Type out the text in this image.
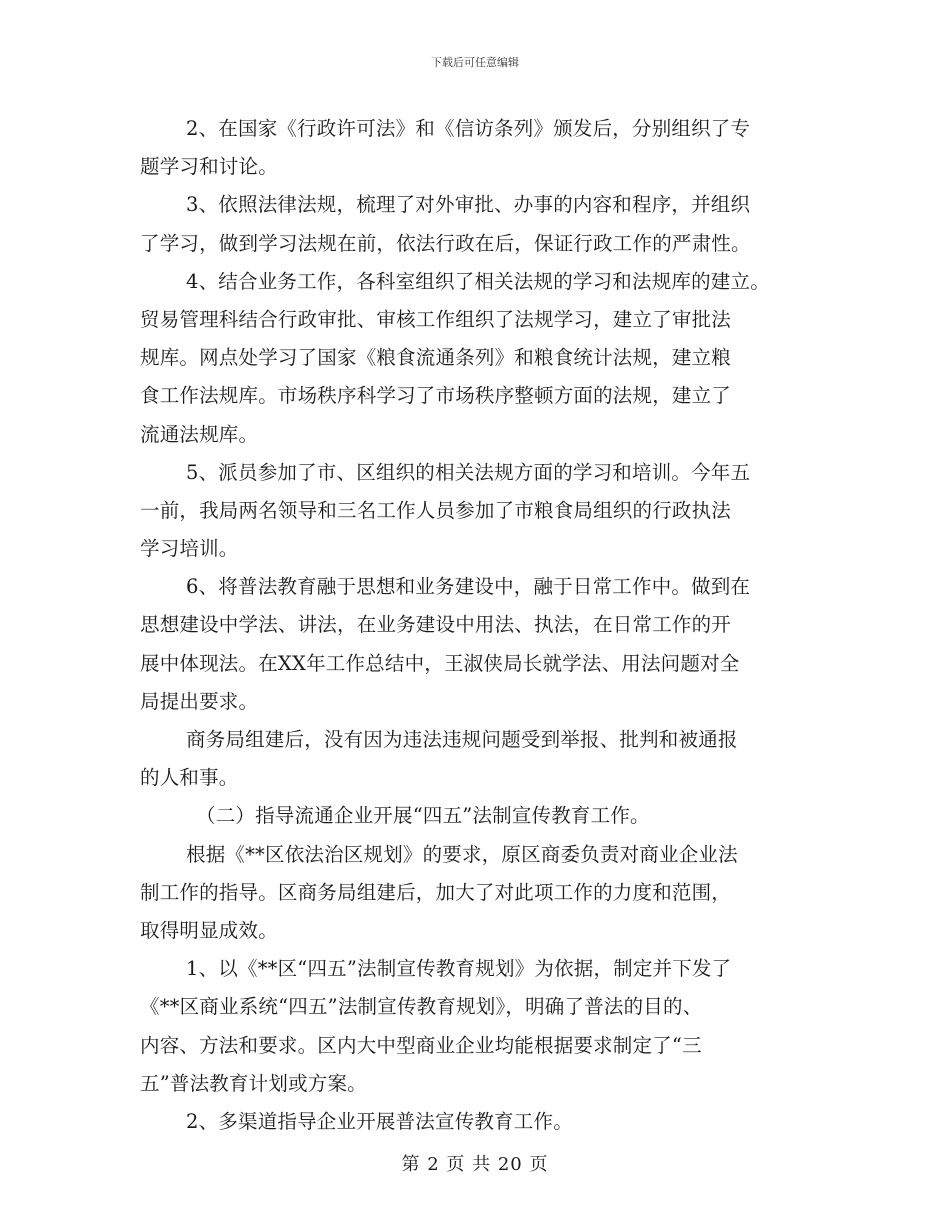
下载后可任意编辑
2、在国家《行政许可法》和《信访条列》颁发后，分别组织了专
题学习和讨论。
3、依照法律法规，梳理了对外审批、办事的内容和程序，并组织
了学习，做到学习法规在前，依法行政在后，保证行政工作的严肃性。
4、结合业务工作，各科室组织了相关法规的学习和法规库的建立。
贸易管理科结合行政审批、审核工作组织了法规学习，建立了审批法
规库。网点处学习了国家《粮食流通条列》和粮食统计法规，建立粮
食工作法规库。市场秩序科学习了市场秩序整顿方面的法规，建立了
流通法规库。
5、派员参加了市、区组织的相关法规方面的学习和培训。今年五
一前，我局两名领导和三名工作人员参加了市粮食局组织的行政执法
学习培训。
6、将普法教育融于思想和业务建设中，融于日常工作中。做到在
思想建设中学法、讲法，在业务建设中用法、执法，在日常工作的开
展中体现法。在XX年工作总结中，王淑侠局长就学法、用法问题对全
局提出要求。
商务局组建后，没有因为违法违规问题受到举报、批判和被通报
的人和事。
（二）指导流通企业开展“四五”法制宣传教育工作。
根据《**区依法治区规划》的要求，原区商委负责对商业企业法
制工作的指导。区商务局组建后，加大了对此项工作的力度和范围，
取得明显成效。
1、以《**区“四五”法制宣传教育规划》为依据，制定并下发了
《**区商业系统“四五”法制宣传教育规划》，明确了普法的目的、
内容、方法和要求。区内大中型商业企业均能根据要求制定了“三
五”普法教育计划或方案。
2、多渠道指导企业开展普法宣传教育工作。
第 2 页 共 20 页
